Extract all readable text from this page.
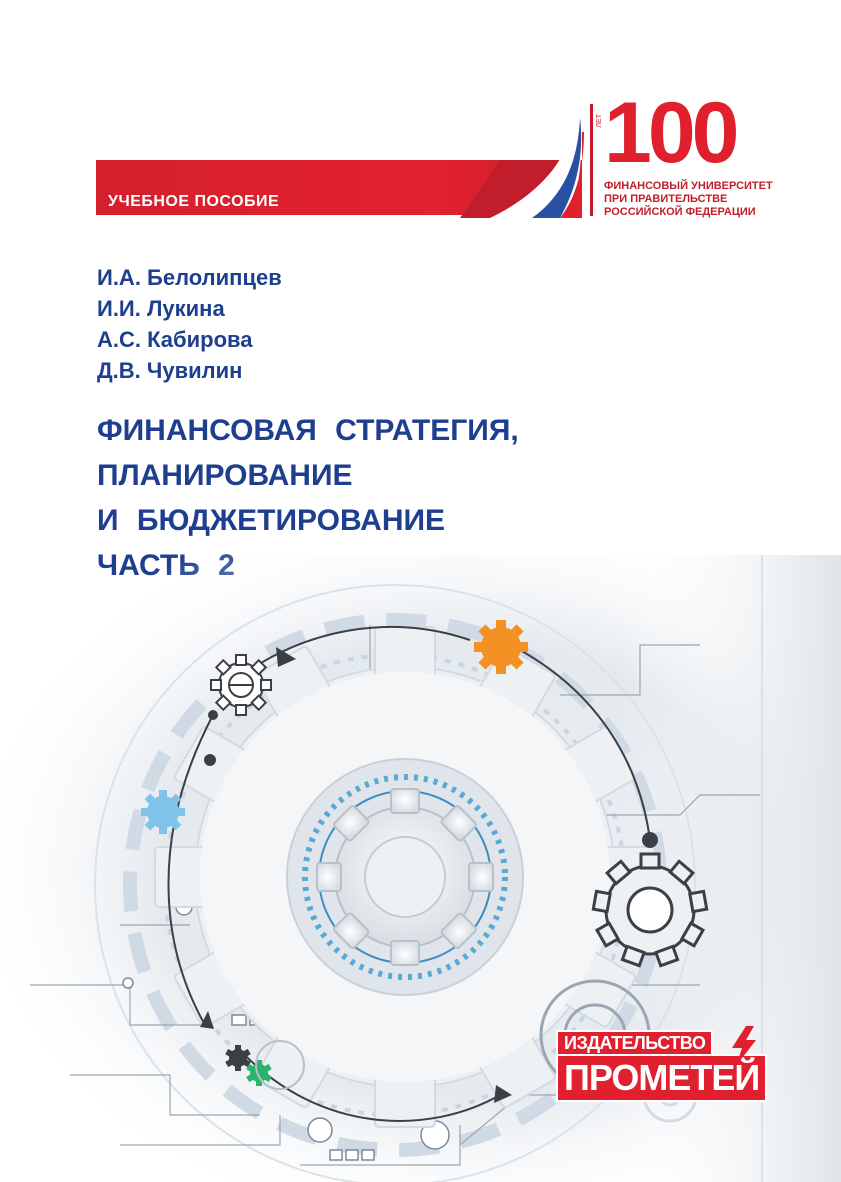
УЧЕБНОЕ ПОСОБИЕ
ЛЕТ 100
ФИНАНСОВЫЙ УНИВЕРСИТЕТ
ПРИ ПРАВИТЕЛЬСТВЕ
РОССИЙСКОЙ ФЕДЕРАЦИИ
И.А. Белолипцев
И.И. Лукина
А.С. Кабирова
Д.В. Чувилин
ФИНАНСОВАЯ СТРАТЕГИЯ,
ПЛАНИРОВАНИЕ
И БЮДЖЕТИРОВАНИЕ
ИЗДАТЕЛЬСТВО
ПРОМЕТЕЙ
